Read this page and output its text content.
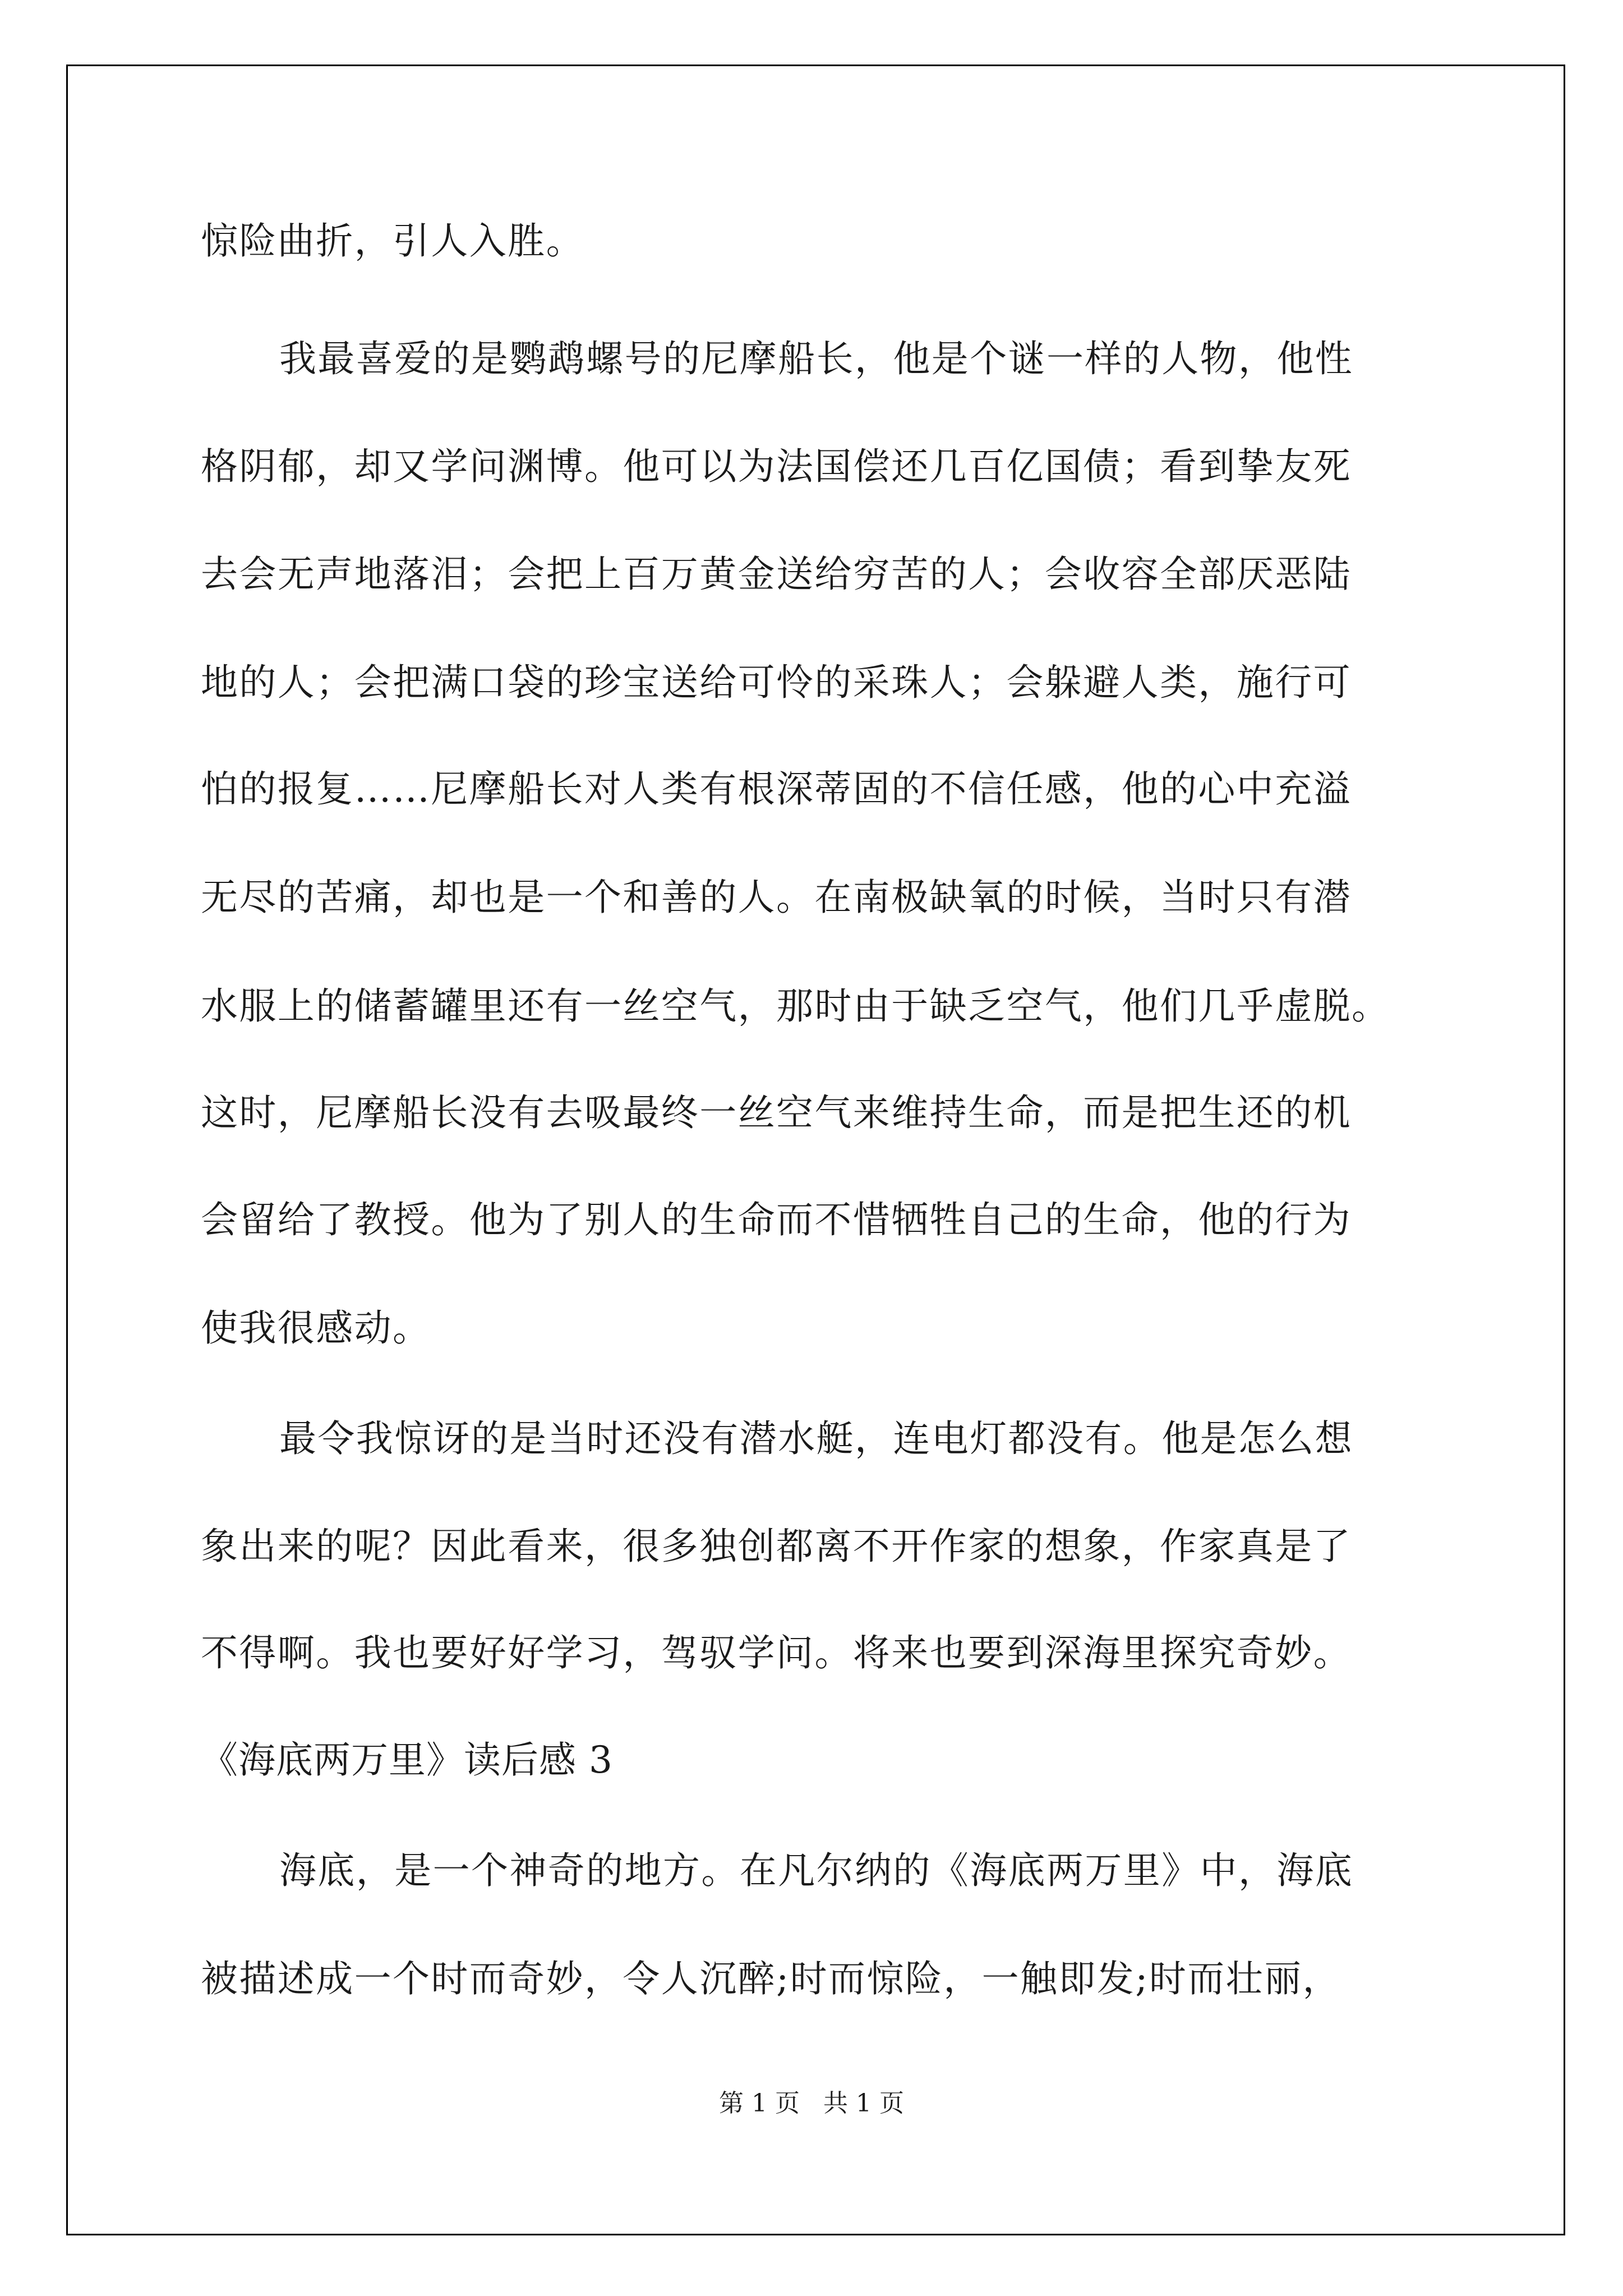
惊险曲折，引人入胜。
我最喜爱的是鹦鹉螺号的尼摩船长，他是个谜一样的人物，他性
格阴郁，却又学问渊博。他可以为法国偿还几百亿国债；看到挚友死
去会无声地落泪；会把上百万黄金送给穷苦的人；会收容全部厌恶陆
地的人；会把满口袋的珍宝送给可怜的采珠人；会躲避人类，施行可
怕的报复……尼摩船长对人类有根深蒂固的不信任感，他的心中充溢
无尽的苦痛，却也是一个和善的人。在南极缺氧的时候，当时只有潜
水服上的储蓄罐里还有一丝空气，那时由于缺乏空气，他们几乎虚脱。
这时，尼摩船长没有去吸最终一丝空气来维持生命，而是把生还的机
会留给了教授。他为了别人的生命而不惜牺牲自己的生命，他的行为
使我很感动。
最令我惊讶的是当时还没有潜水艇，连电灯都没有。他是怎么想
象出来的呢？因此看来，很多独创都离不开作家的想象，作家真是了
不得啊。我也要好好学习，驾驭学问。将来也要到深海里探究奇妙。
《海底两万里》读后感 3
海底，是一个神奇的地方。在凡尔纳的《海底两万里》中，海底
被描述成一个时而奇妙，令人沉醉;时而惊险，一触即发;时而壮丽，
第 1 页   共 1 页
